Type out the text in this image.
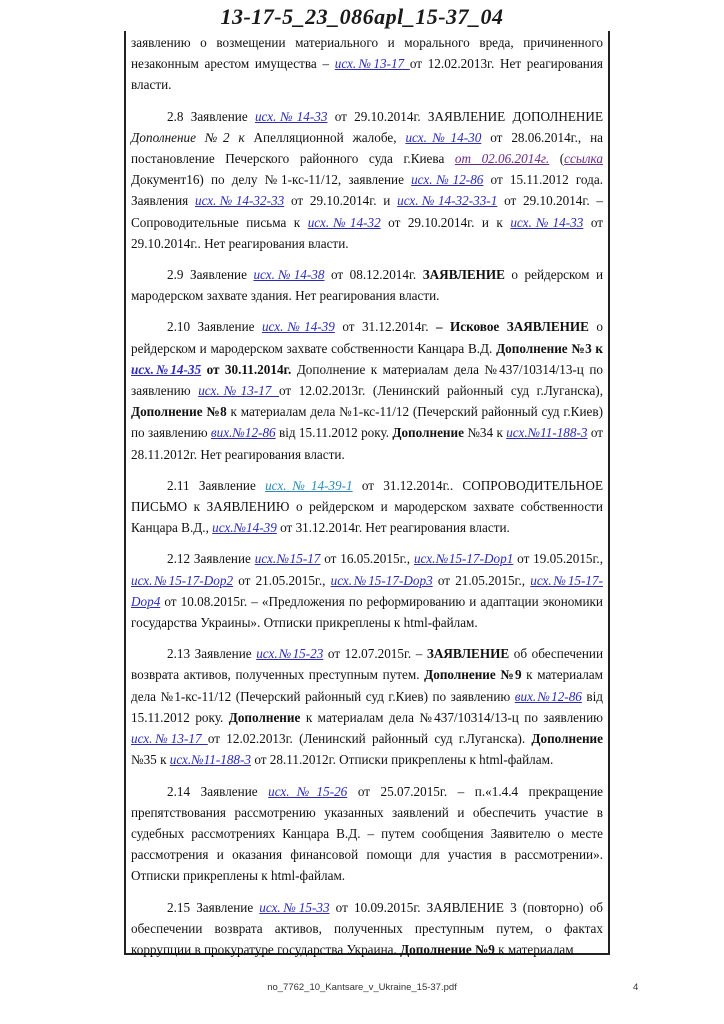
13-17-5_23_086apl_15-37_04

заявлению о возмещении материального и морального вреда, причиненного незаконным арестом имущества – исх.№13-17 от 12.02.2013г. Нет реагирования власти.

2.8 Заявление исх.№14-33 от 29.10.2014г. ЗАЯВЛЕНИЕ ДОПОЛНЕНИЕ Дополнение №2 к Апелляционной жалобе, исх.№14-30 от 28.06.2014г., на постановление Печерского районного суда г.Киева от 02.06.2014г. (ссылка Документ16) по делу №1-кс-11/12, заявление исх.№12-86 от 15.11.2012 года. Заявления исх.№14-32-33 от 29.10.2014г. и исх.№14-32-33-1 от 29.10.2014г. – Сопроводительные письма к исх.№14-32 от 29.10.2014г. и к исх.№14-33 от 29.10.2014г.. Нет реагирования власти.

2.9 Заявление исх.№14-38 от 08.12.2014г. ЗАЯВЛЕНИЕ о рейдерском и мародерском захвате здания. Нет реагирования власти.

2.10 Заявление исх.№14-39 от 31.12.2014г. – Исковое ЗАЯВЛЕНИЕ о рейдерском и мародерском захвате собственности Канцара В.Д. Дополнение №3 к исх.№14-35 от 30.11.2014г. Дополнение к материалам дела №437/10314/13-ц по заявлению исх.№13-17 от 12.02.2013г. (Ленинский районный суд г.Луганска), Дополнение №8 к материалам дела №1-кс-11/12 (Печерский районный суд г.Киев) по заявлению вих.№12-86 від 15.11.2012 року. Дополнение №34 к исх.№11-188-3 от 28.11.2012г. Нет реагирования власти.

2.11 Заявление исх.№14-39-1 от 31.12.2014г.. СОПРОВОДИТЕЛЬНОЕ ПИСЬМО к ЗАЯВЛЕНИЮ о рейдерском и мародерском захвате собственности Канцара В.Д., исх.№14-39 от 31.12.2014г. Нет реагирования власти.

2.12 Заявление исх.№15-17 от 16.05.2015г., исх.№15-17-Dop1 от 19.05.2015г., исх.№15-17-Dop2 от 21.05.2015г., исх.№15-17-Dop3 от 21.05.2015г., исх.№15-17-Dop4 от 10.08.2015г. – «Предложения по реформированию и адаптации экономики государства Украины». Отписки прикреплены к html-файлам.

2.13 Заявление исх.№15-23 от 12.07.2015г. – ЗАЯВЛЕНИЕ об обеспечении возврата активов, полученных преступным путем. Дополнение №9 к материалам дела №1-кс-11/12 (Печерский районный суд г.Киев) по заявлению вих.№12-86 від 15.11.2012 року. Дополнение к материалам дела №437/10314/13-ц по заявлению исх.№13-17 от 12.02.2013г. (Ленинский районный суд г.Луганска). Дополнение №35 к исх.№11-188-3 от 28.11.2012г. Отписки прикреплены к html-файлам.

2.14 Заявление исх.№15-26 от 25.07.2015г. – п.«1.4.4 прекращение препятствования рассмотрению указанных заявлений и обеспечить участие в судебных рассмотрениях Канцара В.Д. – путем сообщения Заявителю о месте рассмотрения и оказания финансовой помощи для участия в рассмотрении». Отписки прикреплены к html-файлам.

2.15 Заявление исх.№15-33 от 10.09.2015г. ЗАЯВЛЕНИЕ 3 (повторно) об обеспечении возврата активов, полученных преступным путем, о фактах коррупции в прокуратуре государства Украина. Дополнение №9 к материалам

no_7762_10_Kantsare_v_Ukraine_15-37.pdf	4
